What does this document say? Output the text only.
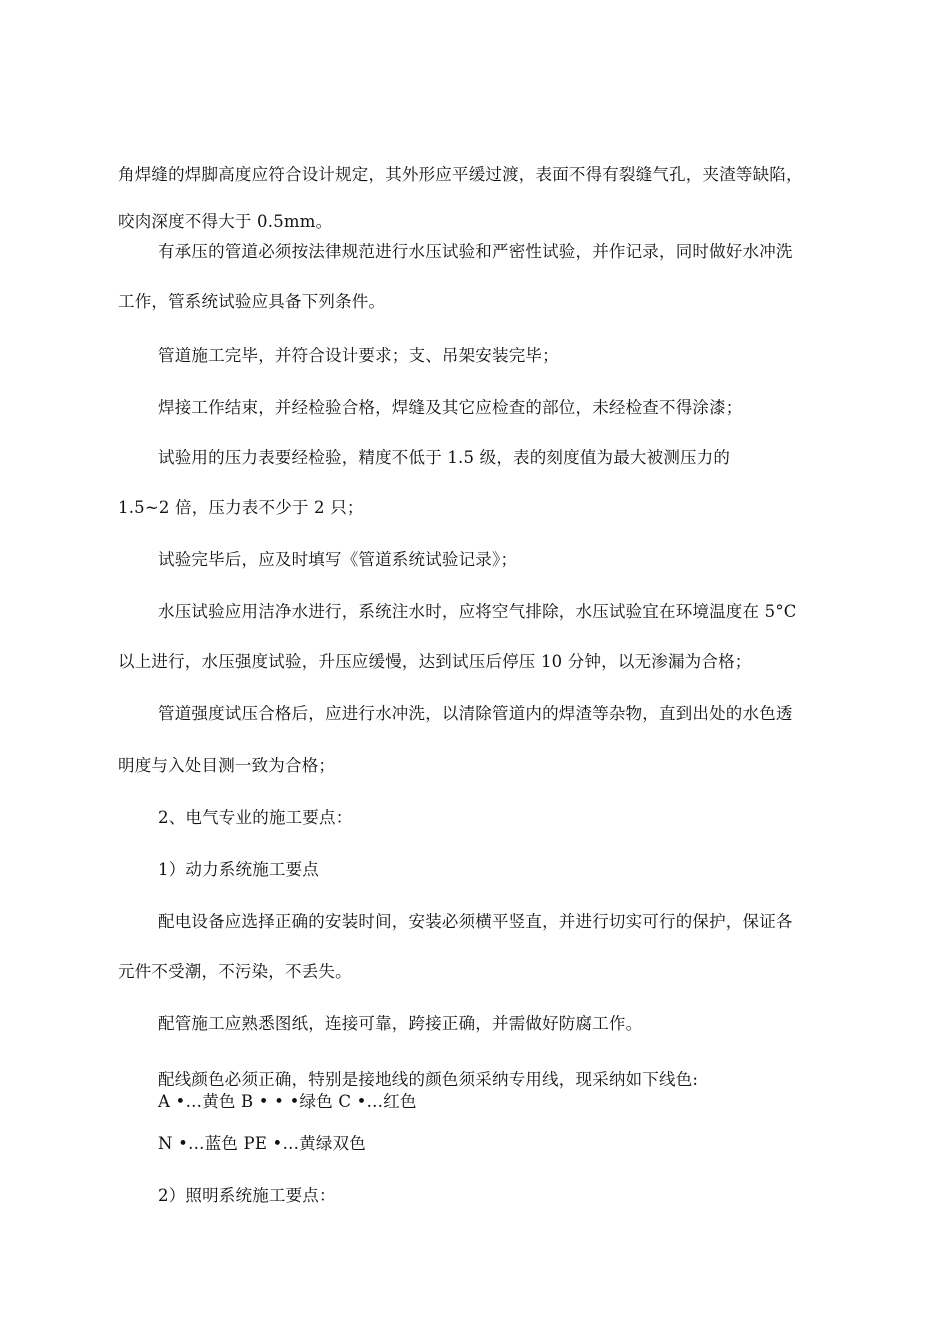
角焊缝的焊脚高度应符合设计规定，其外形应平缓过渡，表面不得有裂缝气孔，夹渣等缺陷，
咬肉深度不得大于 0.5mm。
有承压的管道必须按法律规范进行水压试验和严密性试验，并作记录，同时做好水冲洗
工作，管系统试验应具备下列条件。
管道施工完毕，并符合设计要求；支、吊架安装完毕；
焊接工作结束，并经检验合格，焊缝及其它应检查的部位，未经检查不得涂漆；
试验用的压力表要经检验，精度不低于 1.5 级，表的刻度值为最大被测压力的
1.5~2 倍，压力表不少于 2 只；
试验完毕后，应及时填写《管道系统试验记录》；
水压试验应用洁净水进行，系统注水时，应将空气排除，水压试验宜在环境温度在 5°C
以上进行，水压强度试验，升压应缓慢，达到试压后停压 10 分钟，以无渗漏为合格；
管道强度试压合格后，应进行水冲洗，以清除管道内的焊渣等杂物，直到出处的水色透
明度与入处目测一致为合格；
2、电气专业的施工要点：
1）动力系统施工要点
配电设备应选择正确的安装时间，安装必须横平竖直，并进行切实可行的保护，保证各
元件不受潮，不污染，不丢失。
配管施工应熟悉图纸，连接可靠，跨接正确，并需做好防腐工作。
配线颜色必须正确，特别是接地线的颜色须采纳专用线，现采纳如下线色:
A •…黄色 B • • •绿色 C •…红色
N •…蓝色 PE •…黄绿双色
2）照明系统施工要点：
